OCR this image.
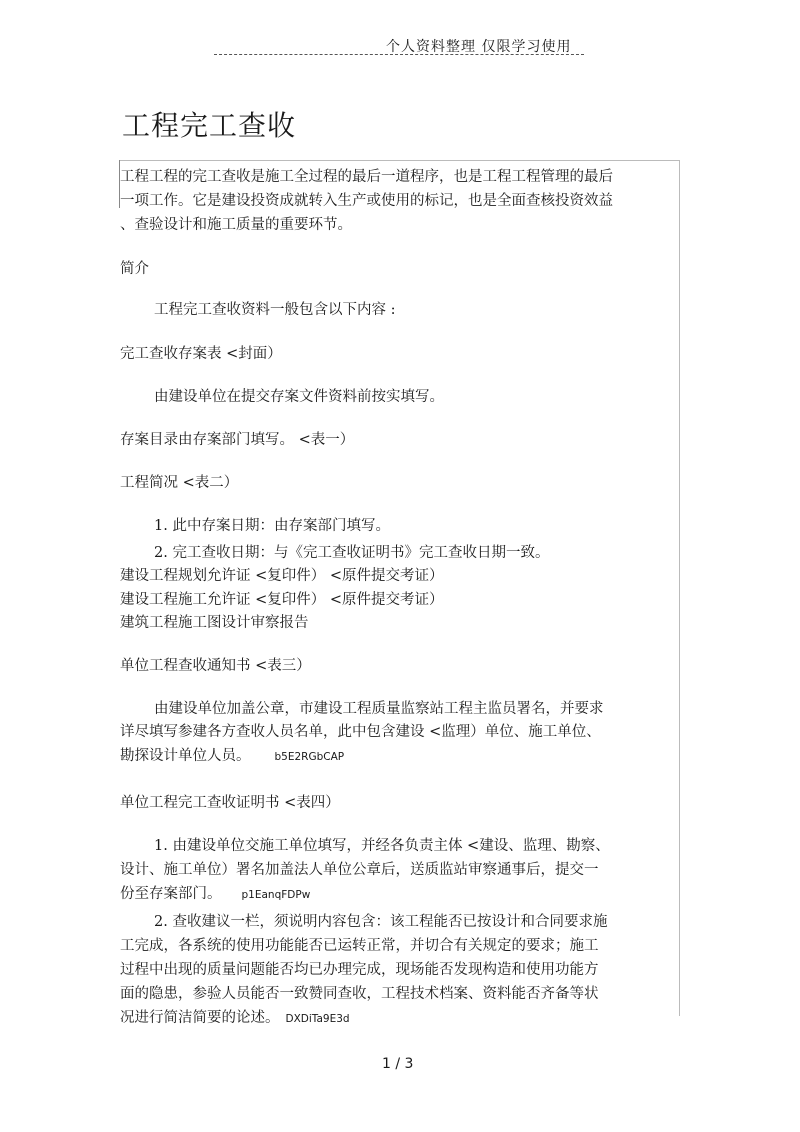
个人资料整理 仅限学习使用
工程完工查收
工程工程的完工查收是施工全过程的最后一道程序，也是工程工程管理的最后
一项工作。它是建设投资成就转入生产或使用的标记，也是全面查核投资效益
、查验设计和施工质量的重要环节。
简介
工程完工查收资料一般包含以下内容 :
完工查收存案表 <封面）
由建设单位在提交存案文件资料前按实填写。
存案目录由存案部门填写。 <表一）
工程简况 <表二）
1. 此中存案日期：由存案部门填写。
2. 完工查收日期：与《完工查收证明书》完工查收日期一致。
建设工程规划允许证 <复印件） <原件提交考证）
建设工程施工允许证 <复印件） <原件提交考证）
建筑工程施工图设计审察报告
单位工程查收通知书 <表三）
由建设单位加盖公章，市建设工程质量监察站工程主监员署名，并要求
详尽填写参建各方查收人员名单，此中包含建设 <监理）单位、施工单位、
勘探设计单位人员。 b5E2RGbCAP
单位工程完工查收证明书 <表四）
1. 由建设单位交施工单位填写，并经各负责主体 <建设、监理、勘察、
设计、施工单位）署名加盖法人单位公章后，送质监站审察通事后，提交一
份至存案部门。 p1EanqFDPw
2. 查收建议一栏，须说明内容包含：该工程能否已按设计和合同要求施
工完成，各系统的使用功能能否已运转正常，并切合有关规定的要求；施工
过程中出现的质量问题能否均已办理完成，现场能否发现构造和使用功能方
面的隐患，参验人员能否一致赞同查收，工程技术档案、资料能否齐备等状
况进行简洁简要的论述。 DXDiTa9E3d
1 / 3
